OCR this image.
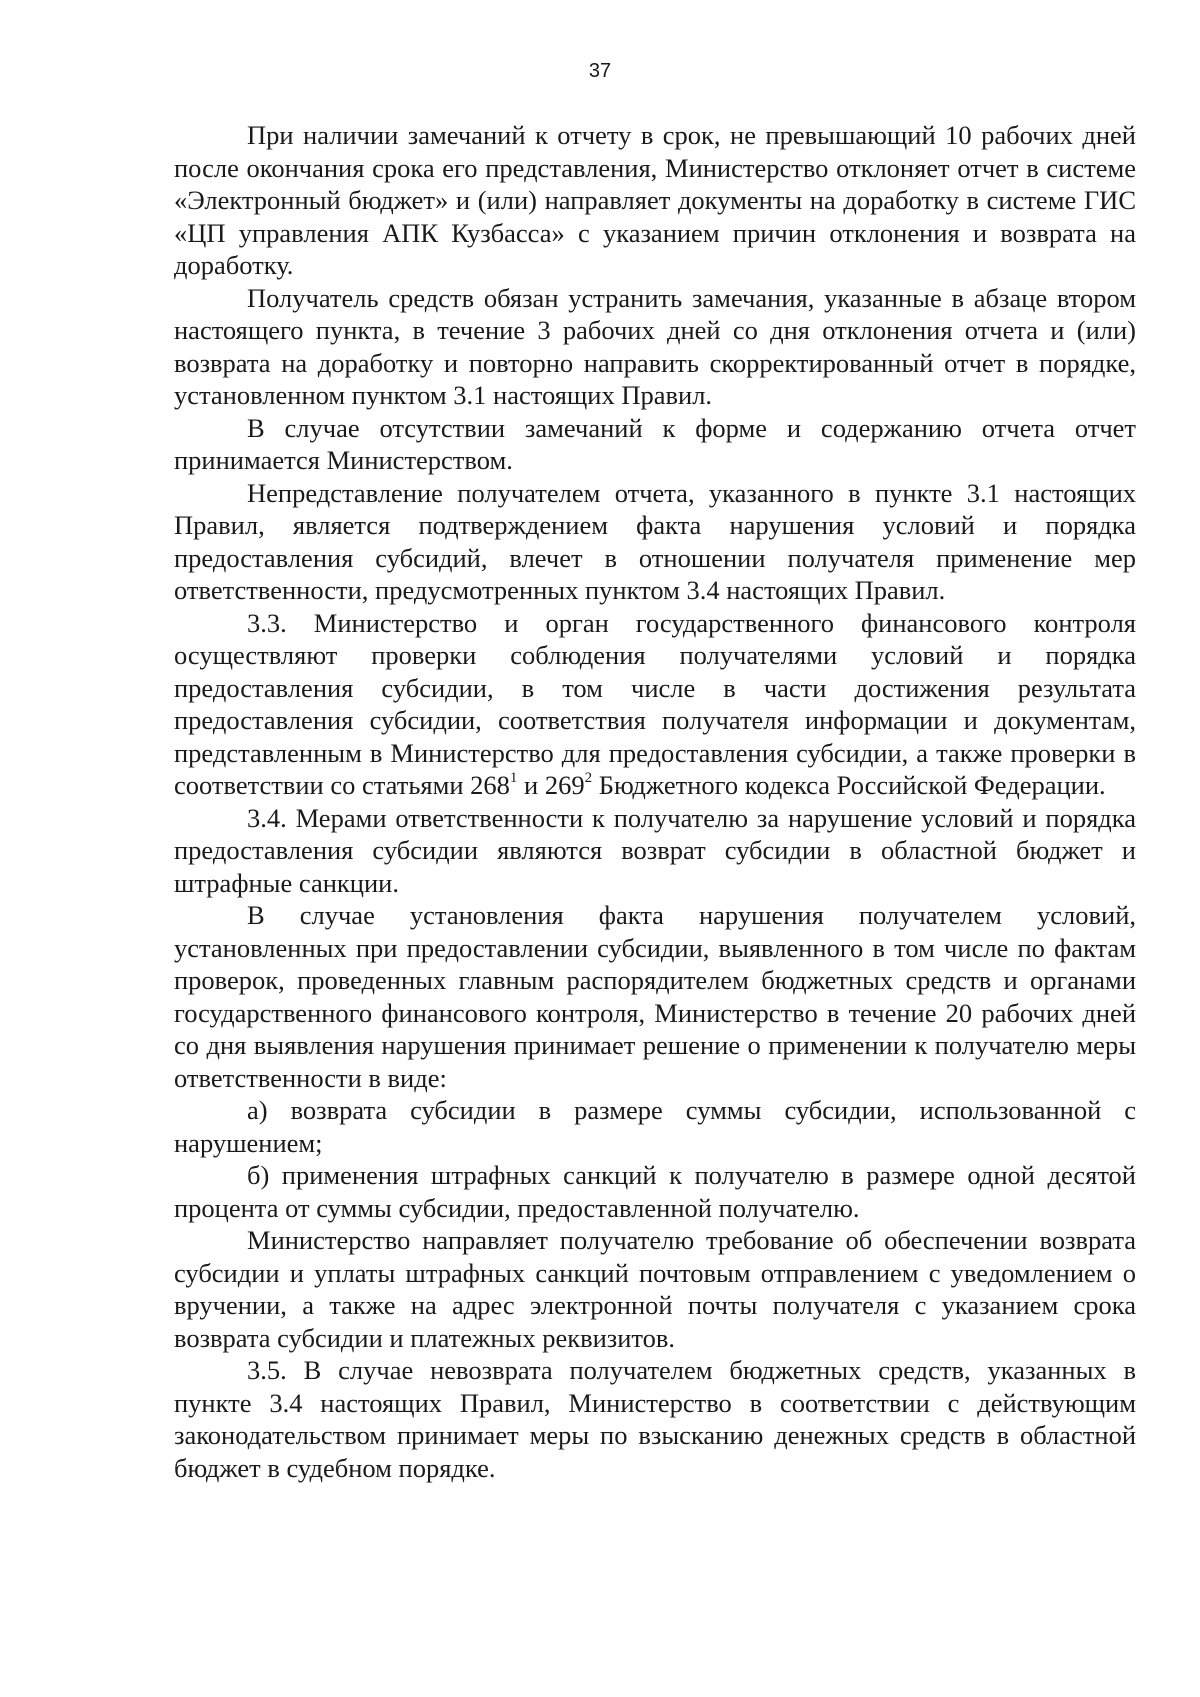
37

При наличии замечаний к отчету в срок, не превышающий 10 рабочих дней после окончания срока его представления, Министерство отклоняет отчет в системе «Электронный бюджет» и (или) направляет документы на доработку в системе ГИС «ЦП управления АПК Кузбасса» с указанием причин отклонения и возврата на доработку.

Получатель средств обязан устранить замечания, указанные в абзаце втором настоящего пункта, в течение 3 рабочих дней со дня отклонения отчета и (или) возврата на доработку и повторно направить скорректированный отчет в порядке, установленном пунктом 3.1 настоящих Правил.

В случае отсутствии замечаний к форме и содержанию отчета отчет принимается Министерством.

Непредставление получателем отчета, указанного в пункте 3.1 настоящих Правил, является подтверждением факта нарушения условий и порядка предоставления субсидий, влечет в отношении получателя применение мер ответственности, предусмотренных пунктом 3.4 настоящих Правил.

3.3. Министерство и орган государственного финансового контроля осуществляют проверки соблюдения получателями условий и порядка предоставления субсидии, в том числе в части достижения результата предоставления субсидии, соответствия получателя информации и документам, представленным в Министерство для предоставления субсидии, а также проверки в соответствии со статьями $268^1$ и $269^2$ Бюджетного кодекса Российской Федерации.

3.4. Мерами ответственности к получателю за нарушение условий и порядка предоставления субсидии являются возврат субсидии в областной бюджет и штрафные санкции.

В случае установления факта нарушения получателем условий, установленных при предоставлении субсидии, выявленного в том числе по фактам проверок, проведенных главным распорядителем бюджетных средств и органами государственного финансового контроля, Министерство в течение 20 рабочих дней со дня выявления нарушения принимает решение о применении к получателю меры ответственности в виде:

а) возврата субсидии в размере суммы субсидии, использованной с нарушением;

б) применения штрафных санкций к получателю в размере одной десятой процента от суммы субсидии, предоставленной получателю.

Министерство направляет получателю требование об обеспечении возврата субсидии и уплаты штрафных санкций почтовым отправлением с уведомлением о вручении, а также на адрес электронной почты получателя с указанием срока возврата субсидии и платежных реквизитов.

3.5. В случае невозврата получателем бюджетных средств, указанных в пункте 3.4 настоящих Правил, Министерство в соответствии с действующим законодательством принимает меры по взысканию денежных средств в областной бюджет в судебном порядке.
